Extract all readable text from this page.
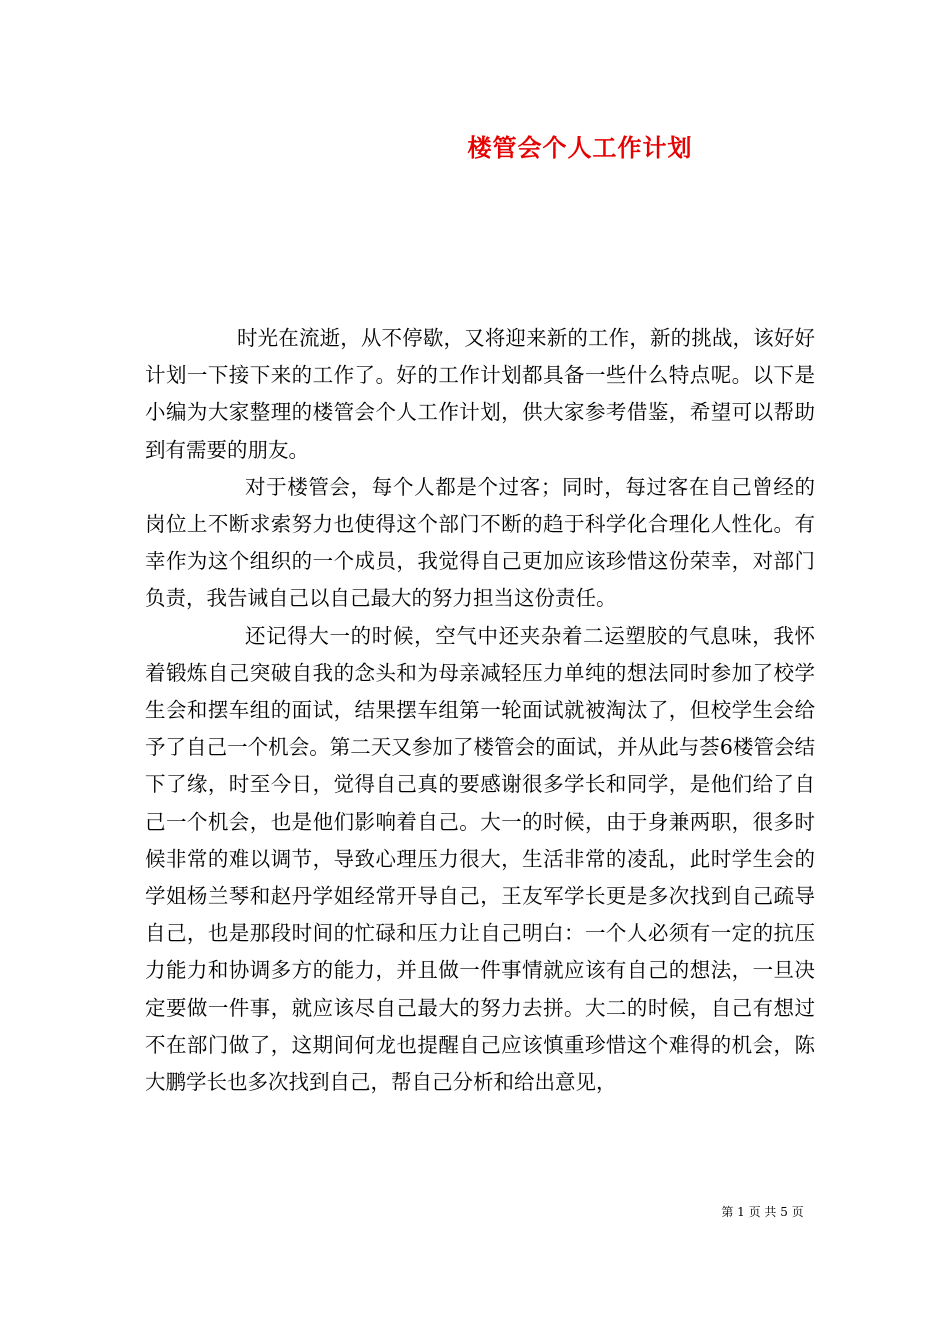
楼管会个人工作计划

时光在流逝，从不停歇，又将迎来新的工作，新的挑战，该好好计划一下接下来的工作了。好的工作计划都具备一些什么特点呢。以下是小编为大家整理的楼管会个人工作计划，供大家参考借鉴，希望可以帮助到有需要的朋友。

对于楼管会，每个人都是个过客；同时，每过客在自己曾经的岗位上不断求索努力也使得这个部门不断的趋于科学化合理化人性化。有幸作为这个组织的一个成员，我觉得自己更加应该珍惜这份荣幸，对部门负责，我告诫自己以自己最大的努力担当这份责任。

还记得大一的时候，空气中还夹杂着二运塑胶的气息味，我怀着锻炼自己突破自我的念头和为母亲减轻压力单纯的想法同时参加了校学生会和摆车组的面试，结果摆车组第一轮面试就被淘汰了，但校学生会给予了自己一个机会。第二天又参加了楼管会的面试，并从此与荟6楼管会结下了缘，时至今日，觉得自己真的要感谢很多学长和同学，是他们给了自己一个机会，也是他们影响着自己。大一的时候，由于身兼两职，很多时候非常的难以调节，导致心理压力很大，生活非常的凌乱，此时学生会的学姐杨兰琴和赵丹学姐经常开导自己，王友军学长更是多次找到自己疏导自己，也是那段时间的忙碌和压力让自己明白：一个人必须有一定的抗压力能力和协调多方的能力，并且做一件事情就应该有自己的想法，一旦决定要做一件事，就应该尽自己最大的努力去拼。大二的时候，自己有想过不在部门做了，这期间何龙也提醒自己应该慎重珍惜这个难得的机会，陈大鹏学长也多次找到自己，帮自己分析和给出意见，

第 1 页 共 5 页
